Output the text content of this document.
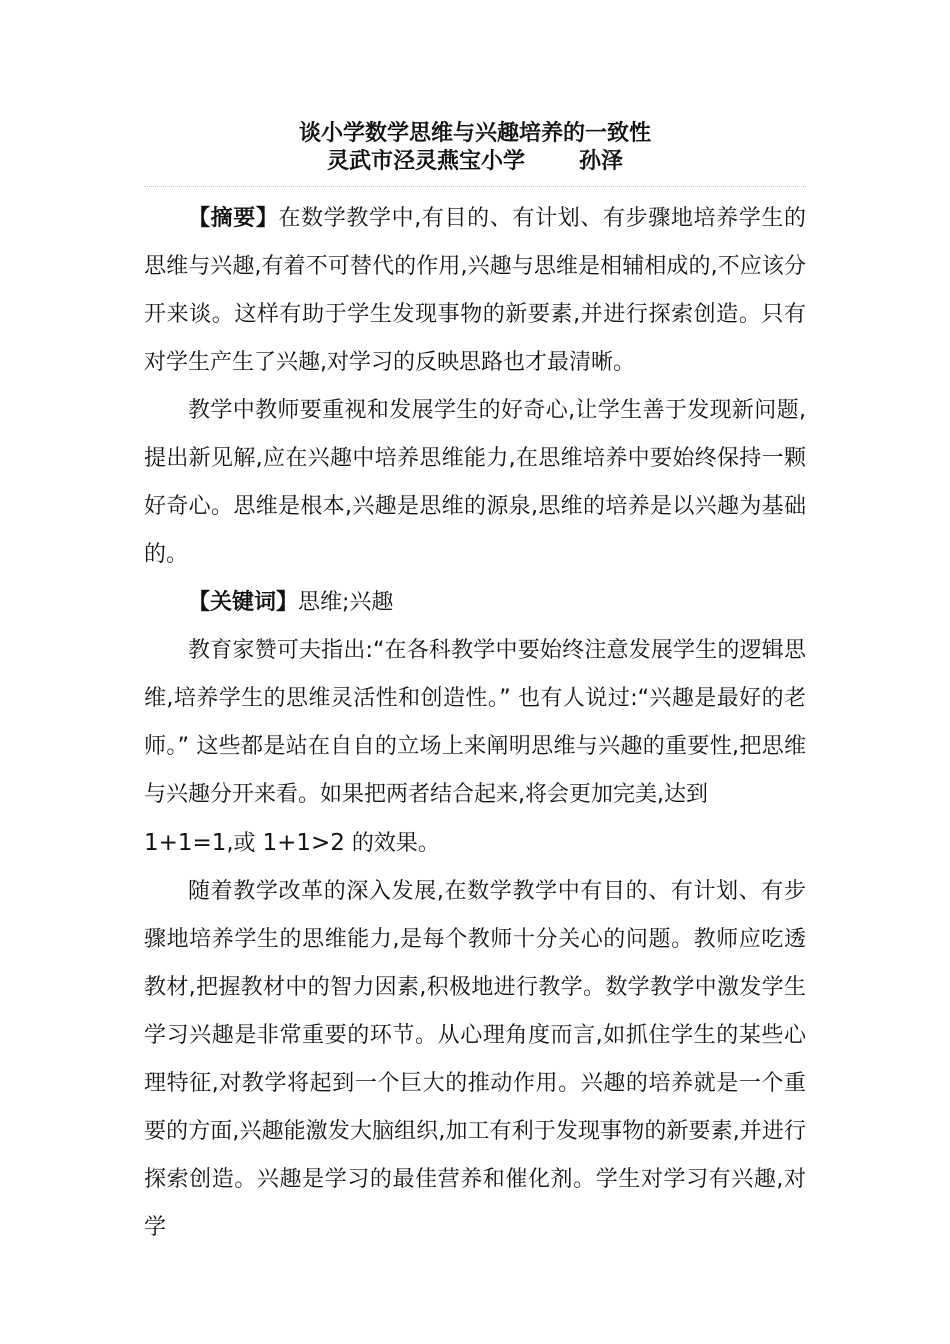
谈小学数学思维与兴趣培养的一致性
灵武市泾灵燕宝小学 孙泽

【摘要】在数学教学中,有目的、有计划、有步骤地培养学生的思维与兴趣,有着不可替代的作用,兴趣与思维是相辅相成的,不应该分开来谈。这样有助于学生发现事物的新要素,并进行探索创造。只有对学生产生了兴趣,对学习的反映思路也才最清晰。

教学中教师要重视和发展学生的好奇心,让学生善于发现新问题,提出新见解,应在兴趣中培养思维能力,在思维培养中要始终保持一颗好奇心。思维是根本,兴趣是思维的源泉,思维的培养是以兴趣为基础的。

【关键词】思维;兴趣

教育家赞可夫指出:“在各科教学中要始终注意发展学生的逻辑思维,培养学生的思维灵活性和创造性。” 也有人说过:“兴趣是最好的老师。” 这些都是站在自自的立场上来阐明思维与兴趣的重要性,把思维与兴趣分开来看。如果把两者结合起来,将会更加完美,达到
1+1=1,或 1+1>2 的效果。

随着教学改革的深入发展,在数学教学中有目的、有计划、有步骤地培养学生的思维能力,是每个教师十分关心的问题。教师应吃透教材,把握教材中的智力因素,积极地进行教学。数学教学中激发学生学习兴趣是非常重要的环节。从心理角度而言,如抓住学生的某些心理特征,对教学将起到一个巨大的推动作用。兴趣的培养就是一个重要的方面,兴趣能激发大脑组织,加工有利于发现事物的新要素,并进行探索创造。兴趣是学习的最佳营养和催化剂。学生对学习有兴趣,对学
